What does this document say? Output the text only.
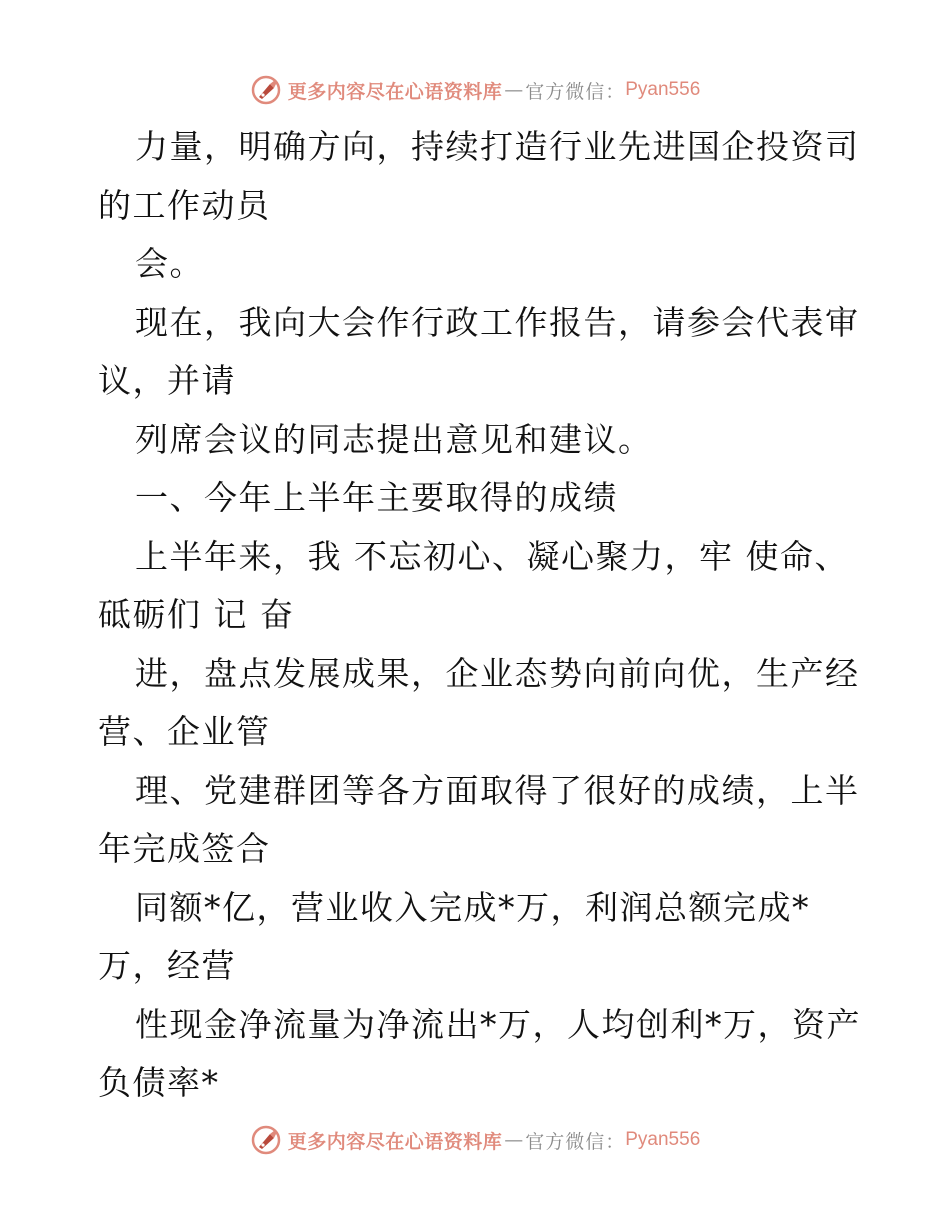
更多内容尽在心语资料库 — 官方微信： Pyan556
力量，明确方向，持续打造行业先进国企投资司
的工作动员
会。
现在，我向大会作行政工作报告，请参会代表审
议，并请
列席会议的同志提出意见和建议。
一、今年上半年主要取得的成绩
上半年来，我 不忘初心、凝心聚力，牢 使命、
砥砺们 记 奋
进，盘点发展成果，企业态势向前向优，生产经
营、企业管
理、党建群团等各方面取得了很好的成绩，上半
年完成签合
同额*亿，营业收入完成*万，利润总额完成*
万，经营
性现金净流量为净流出*万，人均创利*万，资产
负债率*
更多内容尽在心语资料库 — 官方微信： Pyan556
